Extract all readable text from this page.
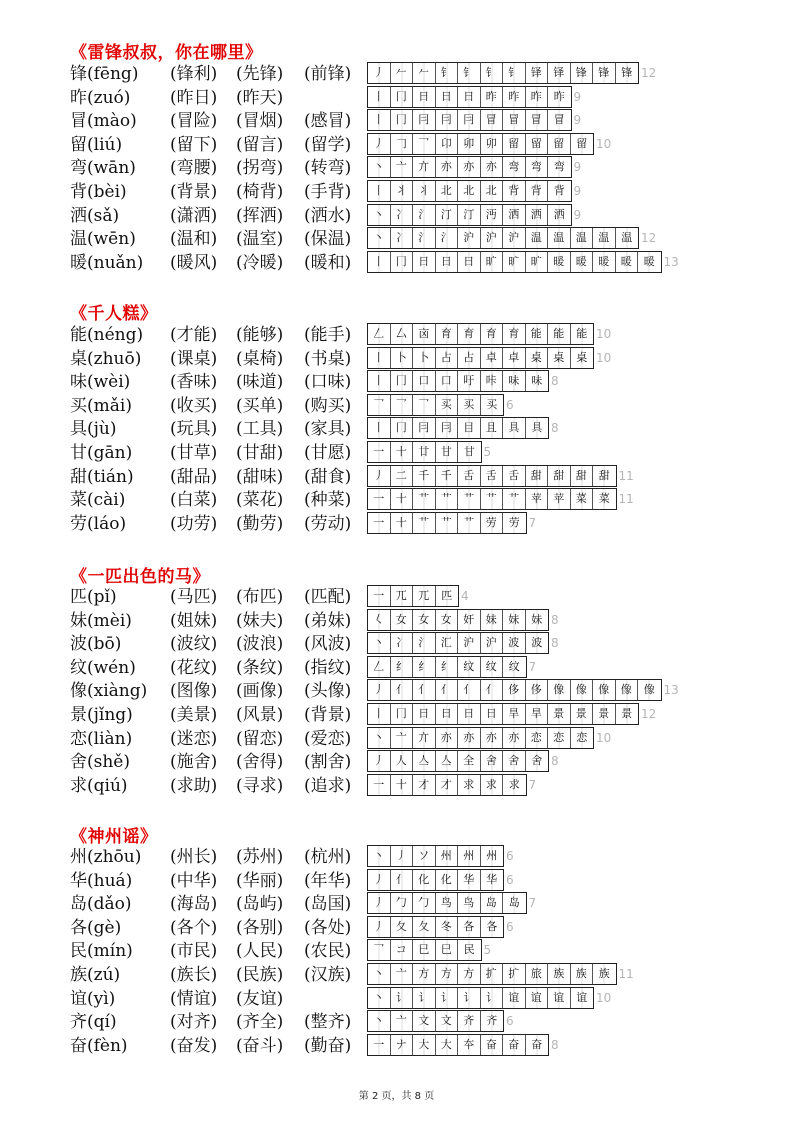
《雷锋叔叔，你在哪里》
锋(fēng) (锋利) (先锋) (前锋)	丿	𠂉	𠂉	钅	钅	钅	钅	铎	铎	锋	锋	锋 12
昨(zuó) (昨日) (昨天)	丨	冂	日	日	日	昨	昨	昨	昨 9
冒(mào) (冒险) (冒烟) (感冒)	丨	冂	冃	冃	冃	冒	冒	冒	冒 9
留(liú)	(留下) (留言) (留学)	丿	𠃌	乛	卬	卯	卯	留	留	留	留 10
弯(wān) (弯腰) (拐弯) (转弯)	丶	亠	亣	亦	亦	亦	弯	弯	弯 9
背(bèi)	(背景) (椅背) (手背)	丨	丬	丬	北	北	北	背	背	背 9
洒(sǎ)	(潇洒) (挥洒) (洒水)	丶	冫	氵	汀	汀	沔	洒	洒	洒 9
温(wēn) (温和) (温室) (保温)	丶	冫	氵	氵	沪	沪	沪	温	温	温	温	温 12
暖(nuǎn) (暖风) (冷暖) (暖和)	丨	冂	日	日	日	旷	旷	旷	暖	暖	暖	暖	暖 13
《千人糕》
能(néng) (才能) (能够) (能手)	𠃋	厶	㐫	育	育	育	育	能	能	能 10
桌(zhuō) (课桌) (桌椅) (书桌)	丨	卜	卜	占	占	卓	卓	桌	桌	桌 10
味(wèi) (香味) (味道) (口味)	丨	冂	口	口	吁	咔	味	味 8
买(mǎi) (收买) (买单) (购买)	乛	乛	乛	买	买	买 6
具(jù)	(玩具) (工具) (家具)	丨	冂	冃	冃	目	且	具	具 8
甘(gān) (甘草) (甘甜) (甘愿)	一	十	廿	甘	甘 5
甜(tián) (甜品) (甜味) (甜食)	丿	二	千	千	舌	舌	舌	甜	甜	甜	甜 11
菜(cài)	(白菜) (菜花) (种菜)	一	十	艹	艹	艹	艹	艹	苹	苹	菜	菜 11
劳(láo)	(功劳) (勤劳) (劳动)	一	十	艹	艹	艹	劳	劳 7
《一匹出色的马》
匹(pǐ)	(马匹) (布匹) (匹配)	一	兀	兀	匹 4
妹(mèi) (姐妹) (妹夫) (弟妹)	𡿨	女	女	女	奸	妹	妹	妹 8
波(bō)	(波纹) (波浪) (风波)	丶	冫	氵	汇	沪	沪	波	波 8
纹(wén) (花纹) (条纹) (指纹)	𠃋	纟	纟	纟	纹	纹	纹 7
像(xiàng) (图像) (画像) (头像)	丿	亻	亻	亻	亻	亻	侈	侈	像	像	像	像	像 13
景(jǐng) (美景) (风景) (背景)	丨	冂	日	日	日	日	旱	旱	景	景	景	景 12
恋(liàn) (迷恋) (留恋) (爱恋)	丶	亠	亣	亦	亦	亦	亦	恋	恋	恋 10
舍(shě) (施舍) (舍得) (割舍)	丿	人	亼	亼	全	舍	舍	舍 8
求(qiú) (求助) (寻求) (追求)	一	十	才	才	求	求	求 7
《神州谣》
州(zhōu) (州长) (苏州) (杭州)	丶	丿	ソ	州	州	州 6
华(huá) (中华) (华丽) (年华)	丿	亻	化	化	华	华 6
岛(dǎo) (海岛) (岛屿) (岛国)	丿	勹	勹	鸟	鸟	岛	岛 7
各(gè)	(各个) (各别) (各处)	丿	夂	夂	冬	各	各 6
民(mín) (市民) (人民) (农民)	乛	コ	巳	巳	民 5
族(zú)	(族长) (民族) (汉族)	丶	亠	方	方	方	扩	扩	旅	族	族	族 11
谊(yì)	(情谊) (友谊)	丶	讠	讠	讠	讠	讠	谊	谊	谊	谊 10
齐(qí)	(对齐) (齐全) (整齐)	丶	亠	文	文	齐	齐 6
奋(fèn) (奋发) (奋斗) (勤奋)	一	ナ	大	大	夲	奋	奋	奋 8
第 2 页，共 8 页
